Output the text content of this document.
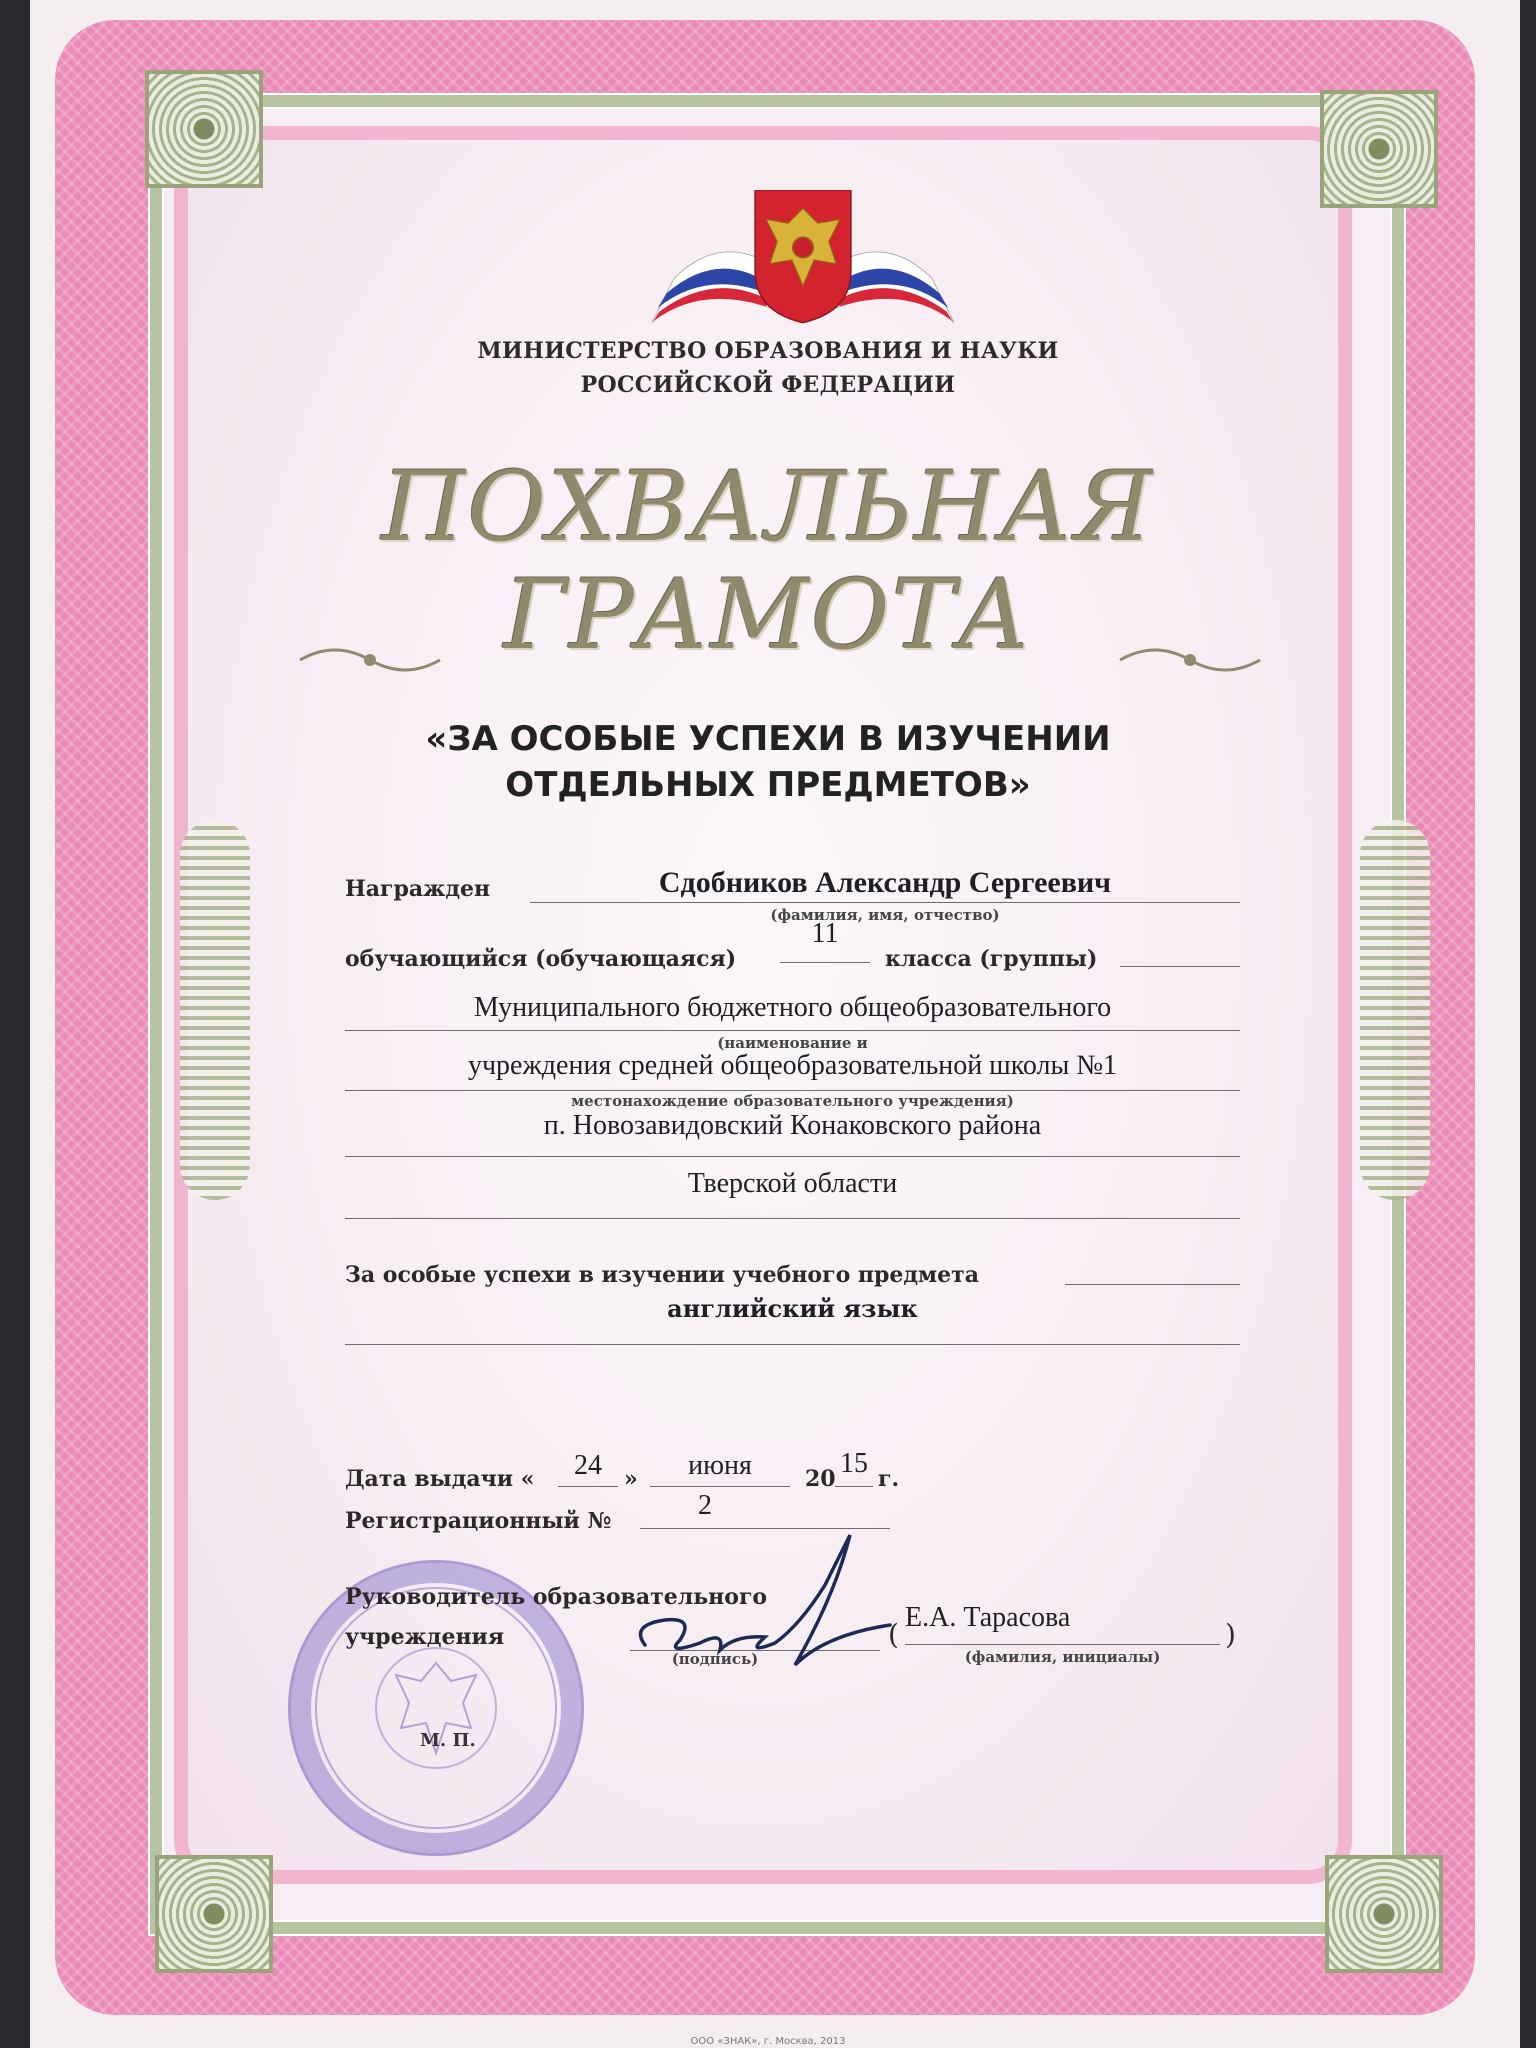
МИНИСТЕРСТВО ОБРАЗОВАНИЯ И НАУКИ
РОССИЙСКОЙ ФЕДЕРАЦИИ
ПОХВАЛЬНАЯ
ГРАМОТА
«ЗА ОСОБЫЕ УСПЕХИ В ИЗУЧЕНИИ
ОТДЕЛЬНЫХ ПРЕДМЕТОВ»
Награжден	Сдобников Александр Сергеевич
(фамилия, имя, отчество)
обучающийся (обучающаяся)
11
класса (группы)
Муниципального бюджетного общеобразовательного
(наименование и
учреждения средней общеобразовательной школы №1
местонахождение образовательного учреждения)
п. Новозавидовский Конаковского района
Тверской области
За особые успехи в изучении учебного предмета
английский язык
Дата выдачи «	24	»	июня	20 15 г.
Регистрационный №	2
Руководитель образовательного
учреждения
(подпись)
(
Е.А. Тарасова
)
(фамилия, инициалы)
М. П.
ООО «ЗНАК», г. Москва, 2013
